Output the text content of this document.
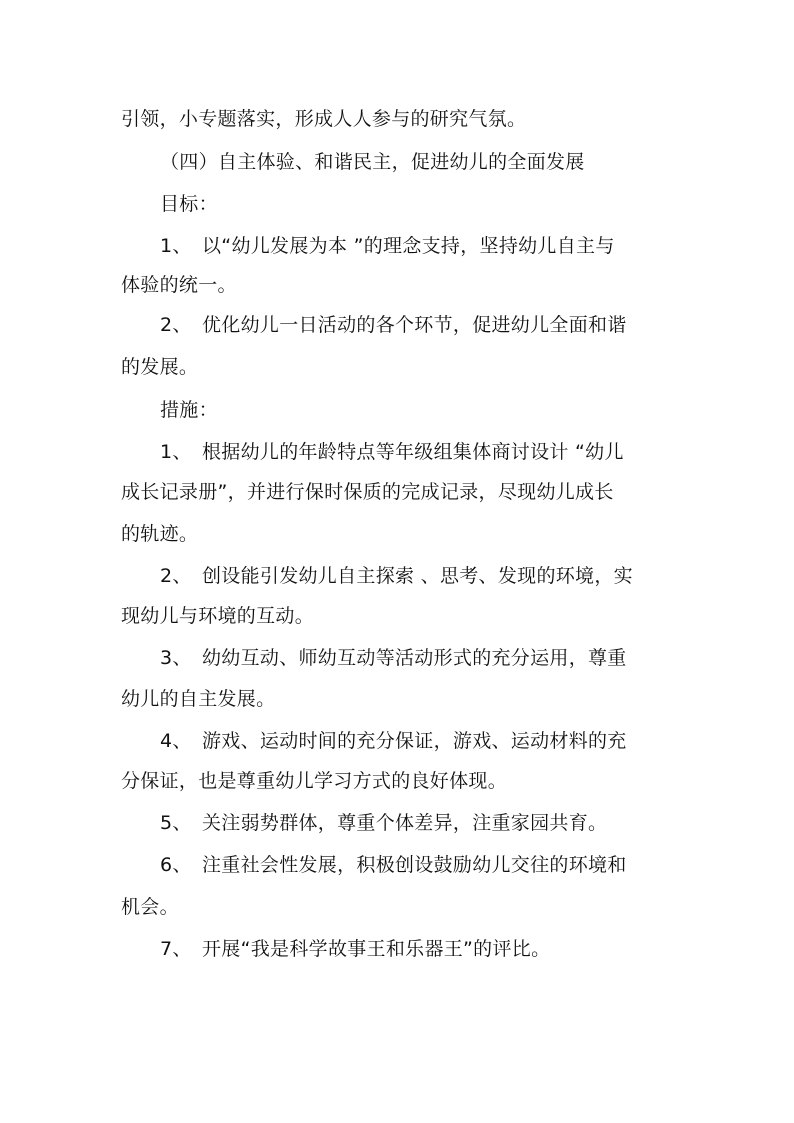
引领，小专题落实，形成人人参与的研究气氛。
（四）自主体验、和谐民主，促进幼儿的全面发展
目标：
1、 以“幼儿发展为本 ”的理念支持，坚持幼儿自主与
体验的统一。
2、 优化幼儿一日活动的各个环节，促进幼儿全面和谐
的发展。
措施：
1、 根据幼儿的年龄特点等年级组集体商讨设计 “幼儿
成长记录册”，并进行保时保质的完成记录，尽现幼儿成长
的轨迹。
2、 创设能引发幼儿自主探索 、思考、发现的环境，实
现幼儿与环境的互动。
3、 幼幼互动、师幼互动等活动形式的充分运用，尊重
幼儿的自主发展。
4、 游戏、运动时间的充分保证，游戏、运动材料的充
分保证，也是尊重幼儿学习方式的良好体现。
5、 关注弱势群体，尊重个体差异，注重家园共育。
6、 注重社会性发展，积极创设鼓励幼儿交往的环境和
机会。
7、 开展“我是科学故事王和乐器王”的评比。
